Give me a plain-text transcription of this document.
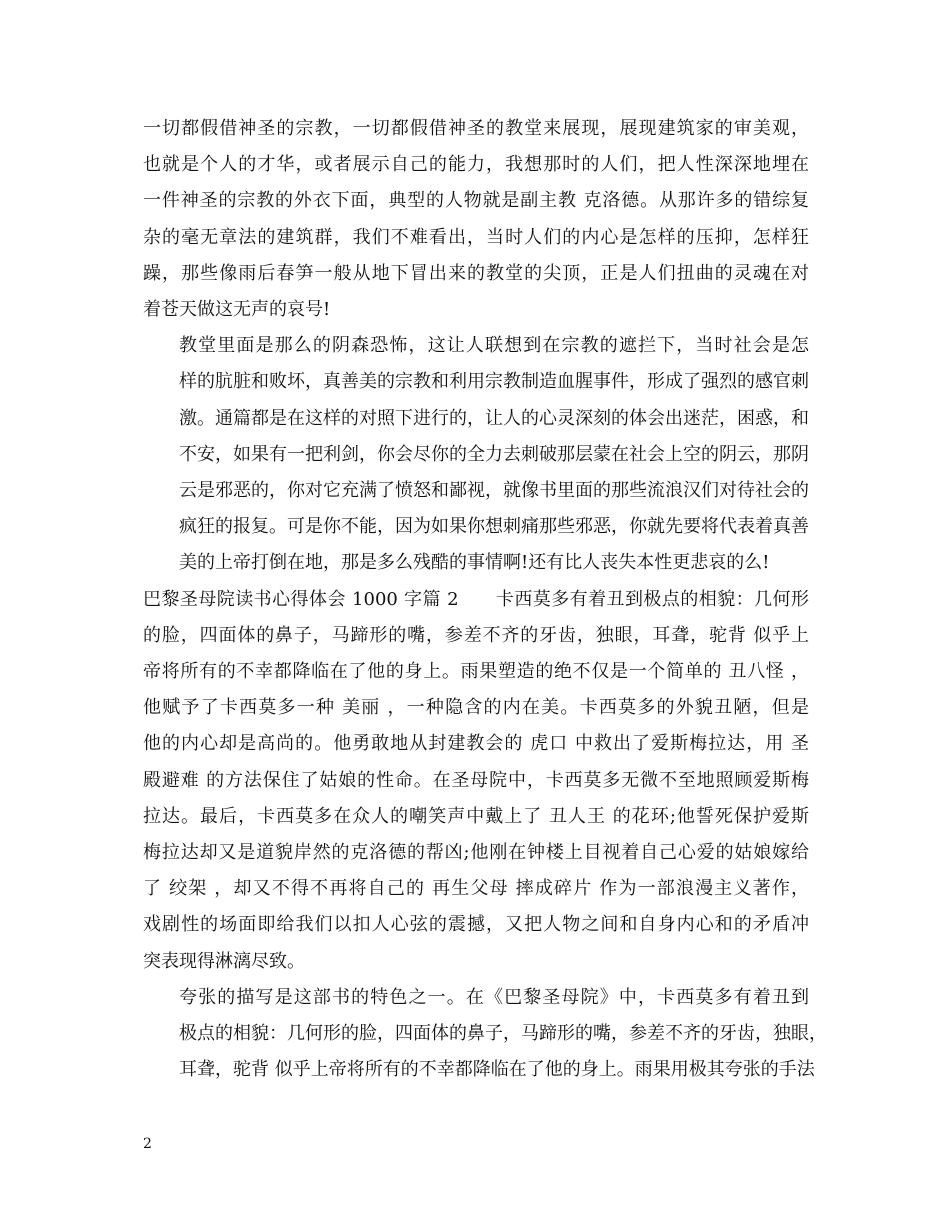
一切都假借神圣的宗教，一切都假借神圣的教堂来展现，展现建筑家的审美观，
也就是个人的才华，或者展示自己的能力，我想那时的人们，把人性深深地埋在
一件神圣的宗教的外衣下面，典型的人物就是副主教 克洛德。从那许多的错综复
杂的毫无章法的建筑群，我们不难看出，当时人们的内心是怎样的压抑，怎样狂
躁，那些像雨后春笋一般从地下冒出来的教堂的尖顶，正是人们扭曲的灵魂在对
着苍天做这无声的哀号!

教堂里面是那么的阴森恐怖，这让人联想到在宗教的遮拦下，当时社会是怎
样的肮脏和败坏，真善美的宗教和利用宗教制造血腥事件，形成了强烈的感官刺
激。通篇都是在这样的对照下进行的，让人的心灵深刻的体会出迷茫，困惑，和
不安，如果有一把利剑，你会尽你的全力去刺破那层蒙在社会上空的阴云，那阴
云是邪恶的，你对它充满了愤怒和鄙视，就像书里面的那些流浪汉们对待社会的
疯狂的报复。可是你不能，因为如果你想刺痛那些邪恶，你就先要将代表着真善
美的上帝打倒在地，那是多么残酷的事情啊!还有比人丧失本性更悲哀的么!

巴黎圣母院读书心得体会 1000 字篇 2　　卡西莫多有着丑到极点的相貌：几何形
的脸，四面体的鼻子，马蹄形的嘴，参差不齐的牙齿，独眼，耳聋，驼背 似乎上
帝将所有的不幸都降临在了他的身上。雨果塑造的绝不仅是一个简单的 丑八怪 ，
他赋予了卡西莫多一种 美丽 ，一种隐含的内在美。卡西莫多的外貌丑陋，但是
他的内心却是高尚的。他勇敢地从封建教会的 虎口 中救出了爱斯梅拉达，用 圣
殿避难 的方法保住了姑娘的性命。在圣母院中，卡西莫多无微不至地照顾爱斯梅
拉达。最后，卡西莫多在众人的嘲笑声中戴上了 丑人王 的花环;他誓死保护爱斯
梅拉达却又是道貌岸然的克洛德的帮凶;他刚在钟楼上目视着自己心爱的姑娘嫁给
了 绞架 ，却又不得不再将自己的 再生父母 摔成碎片 作为一部浪漫主义著作，
戏剧性的场面即给我们以扣人心弦的震撼，又把人物之间和自身内心和的矛盾冲
突表现得淋漓尽致。

夸张的描写是这部书的特色之一。在《巴黎圣母院》中，卡西莫多有着丑到
极点的相貌：几何形的脸，四面体的鼻子，马蹄形的嘴，参差不齐的牙齿，独眼，
耳聋，驼背 似乎上帝将所有的不幸都降临在了他的身上。雨果用极其夸张的手法

2
